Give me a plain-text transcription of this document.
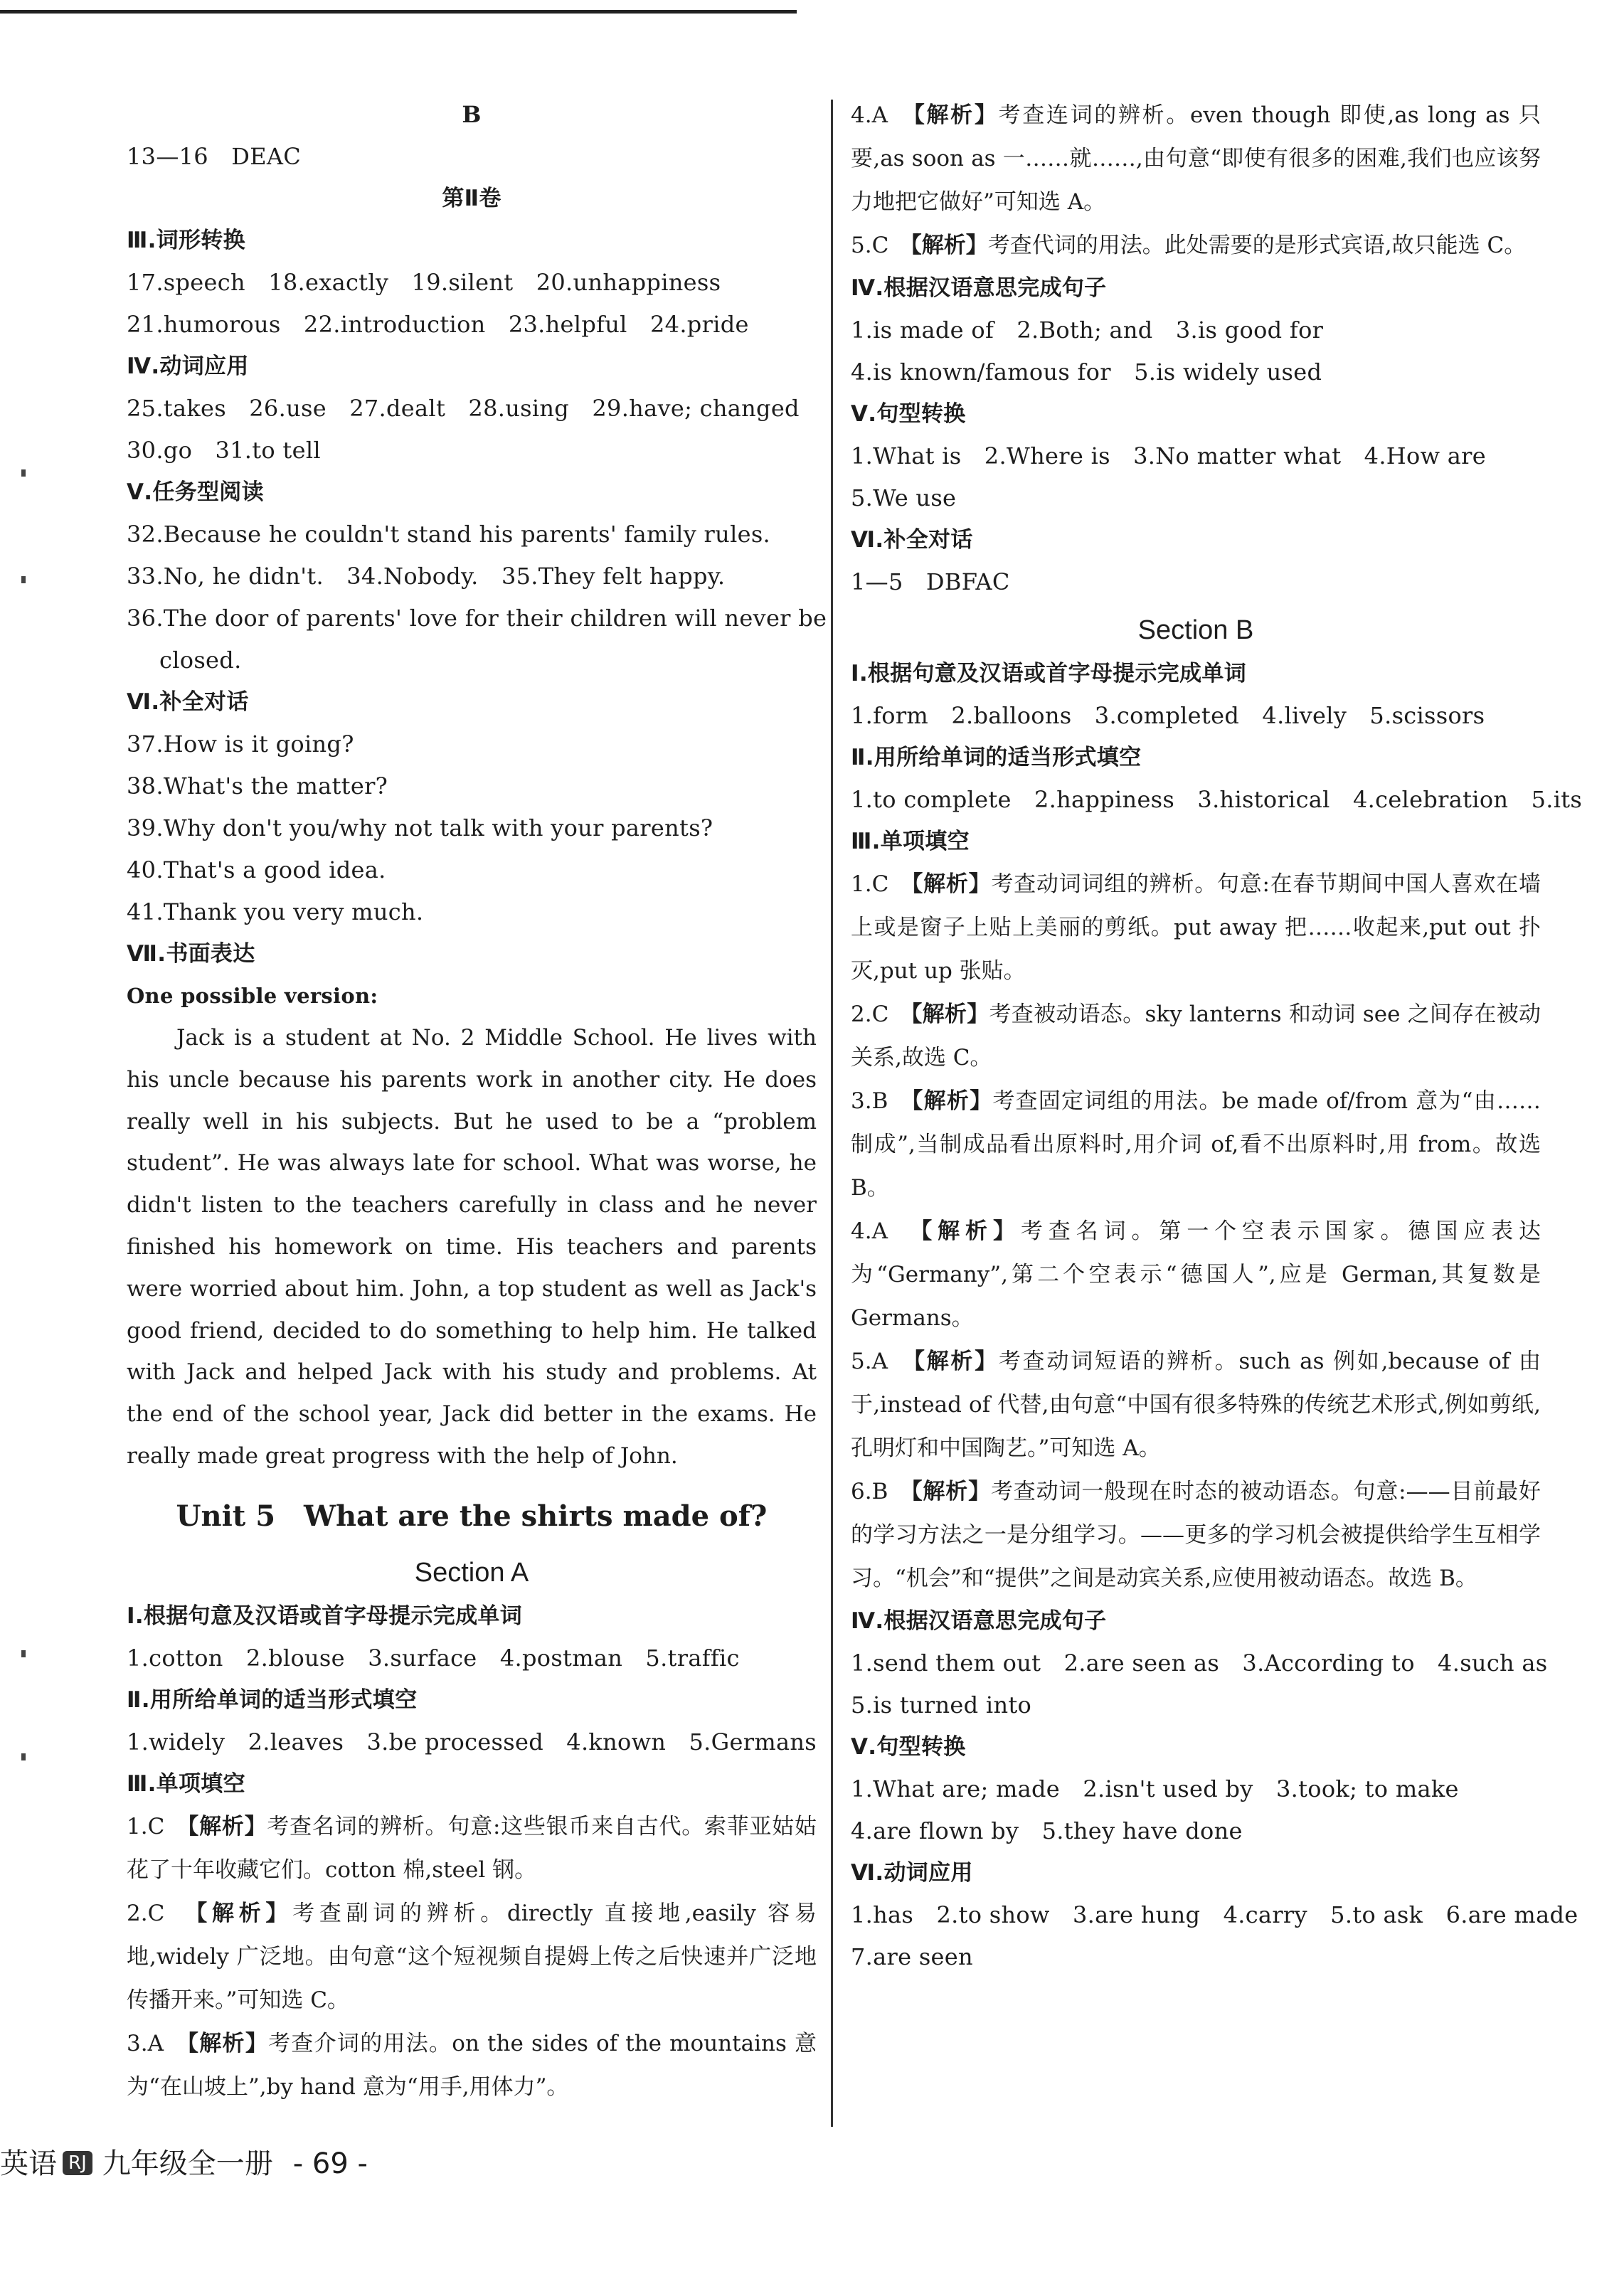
B
13—16　DEAC
第Ⅱ卷
Ⅲ.词形转换
17.speech　18.exactly　19.silent　20.unhappiness
21.humorous　22.introduction　23.helpful　24.pride
Ⅳ.动词应用
25.takes　26.use　27.dealt　28.using　29.have; changed
30.go　31.to tell
Ⅴ.任务型阅读
32.Because he couldn't stand his parents' family rules.
33.No, he didn't.　34.Nobody.　35.They felt happy.
36.The door of parents' love for their children will never be
closed.
Ⅵ.补全对话
37.How is it going?
38.What's the matter?
39.Why don't you/why not talk with your parents?
40.That's a good idea.
41.Thank you very much.
Ⅶ.书面表达
One possible version:
Jack is a student at No. 2 Middle School. He lives with his uncle because his parents work in another city. He does really well in his subjects. But he used to be a “problem student”. He was always late for school. What was worse, he didn't listen to the teachers carefully in class and he never finished his homework on time. His teachers and parents were worried about him. John, a top student as well as Jack's good friend, decided to do something to help him. He talked with Jack and helped Jack with his study and problems. At the end of the school year, Jack did better in the exams. He really made great progress with the help of John.
Unit 5　What are the shirts made of?
Section A
Ⅰ.根据句意及汉语或首字母提示完成单词
1.cotton　2.blouse　3.surface　4.postman　5.traffic
Ⅱ.用所给单词的适当形式填空
1.widely　2.leaves　3.be processed　4.known　5.Germans
Ⅲ.单项填空
1.C　 【解析】考查名词的辨析。句意:这些银币来自古代。索菲亚姑姑花了十年收藏它们。cotton 棉,steel 钢。
2.C　 【解析】考查副词的辨析。directly 直接地,easily 容易地,widely 广泛地。由句意“这个短视频自提姆上传之后快速并广泛地传播开来。”可知选 C。
3.A　 【解析】考查介词的用法。on the sides of the mountains 意为“在山坡上”,by hand 意为“用手,用体力”。
4.A　 【解析】考查连词的辨析。even though 即使,as long as 只要,as soon as 一……就……,由句意“即使有很多的困难,我们也应该努力地把它做好”可知选 A。
5.C　 【解析】考查代词的用法。此处需要的是形式宾语,故只能选 C。
Ⅳ.根据汉语意思完成句子
1.is made of　2.Both; and　3.is good for
4.is known/famous for　5.is widely used
Ⅴ.句型转换
1.What is　2.Where is　3.No matter what　4.How are
5.We use
Ⅵ.补全对话
1—5　DBFAC
Section B
Ⅰ.根据句意及汉语或首字母提示完成单词
1.form　2.balloons　3.completed　4.lively　5.scissors
Ⅱ.用所给单词的适当形式填空
1.to complete　2.happiness　3.historical　4.celebration　5.its
Ⅲ.单项填空
1.C　 【解析】考查动词词组的辨析。句意:在春节期间中国人喜欢在墙上或是窗子上贴上美丽的剪纸。put away 把……收起来,put out 扑灭,put up 张贴。
2.C　 【解析】考查被动语态。sky lanterns 和动词 see 之间存在被动关系,故选 C。
3.B　 【解析】考查固定词组的用法。be made of/from 意为“由……制成”,当制成品看出原料时,用介词 of,看不出原料时,用 from。故选 B。
4.A　 【解析】考查名词。第一个空表示国家。德国应表达为“Germany”,第二个空表示“德国人”,应是 German,其复数是 Germans。
5.A　 【解析】考查动词短语的辨析。such as 例如,because of 由于,instead of 代替,由句意“中国有很多特殊的传统艺术形式,例如剪纸,孔明灯和中国陶艺。”可知选 A。
6.B　 【解析】考查动词一般现在时态的被动语态。句意:——目前最好的学习方法之一是分组学习。——更多的学习机会被提供给学生互相学习。“机会”和“提供”之间是动宾关系,应使用被动语态。故选 B。
Ⅳ.根据汉语意思完成句子
1.send them out　2.are seen as　3.According to　4.such as
5.is turned into
Ⅴ.句型转换
1.What are; made　2.isn't used by　3.took; to make
4.are flown by　5.they have done
Ⅵ.动词应用
1.has　2.to show　3.are hung　4.carry　5.to ask　6.are made
7.are seen
英语 RJ 九年级全一册 - 69 -
